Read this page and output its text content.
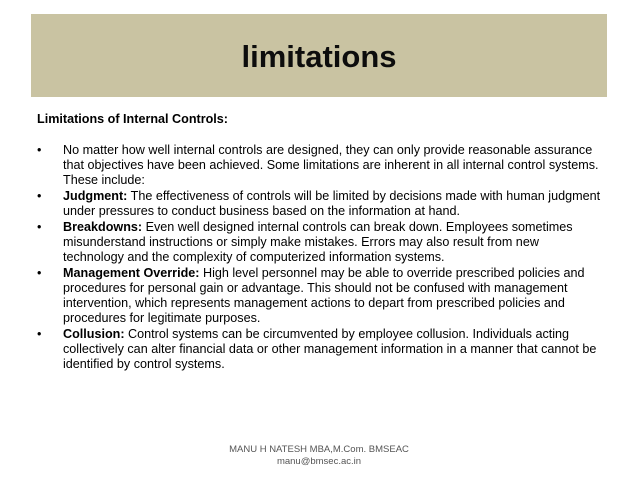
limitations

Limitations of Internal Controls:

• No matter how well internal controls are designed, they can only provide reasonable assurance that objectives have been achieved. Some limitations are inherent in all internal control systems. These include:
• Judgment: The effectiveness of controls will be limited by decisions made with human judgment under pressures to conduct business based on the information at hand.
• Breakdowns: Even well designed internal controls can break down. Employees sometimes misunderstand instructions or simply make mistakes. Errors may also result from new technology and the complexity of computerized information systems.
• Management Override: High level personnel may be able to override prescribed policies and procedures for personal gain or advantage. This should not be confused with management intervention, which represents management actions to depart from prescribed policies and procedures for legitimate purposes.
• Collusion: Control systems can be circumvented by employee collusion. Individuals acting collectively can alter financial data or other management information in a manner that cannot be identified by control systems.
MANU H NATESH MBA,M.Com. BMSEAC
manu@bmsec.ac.in
